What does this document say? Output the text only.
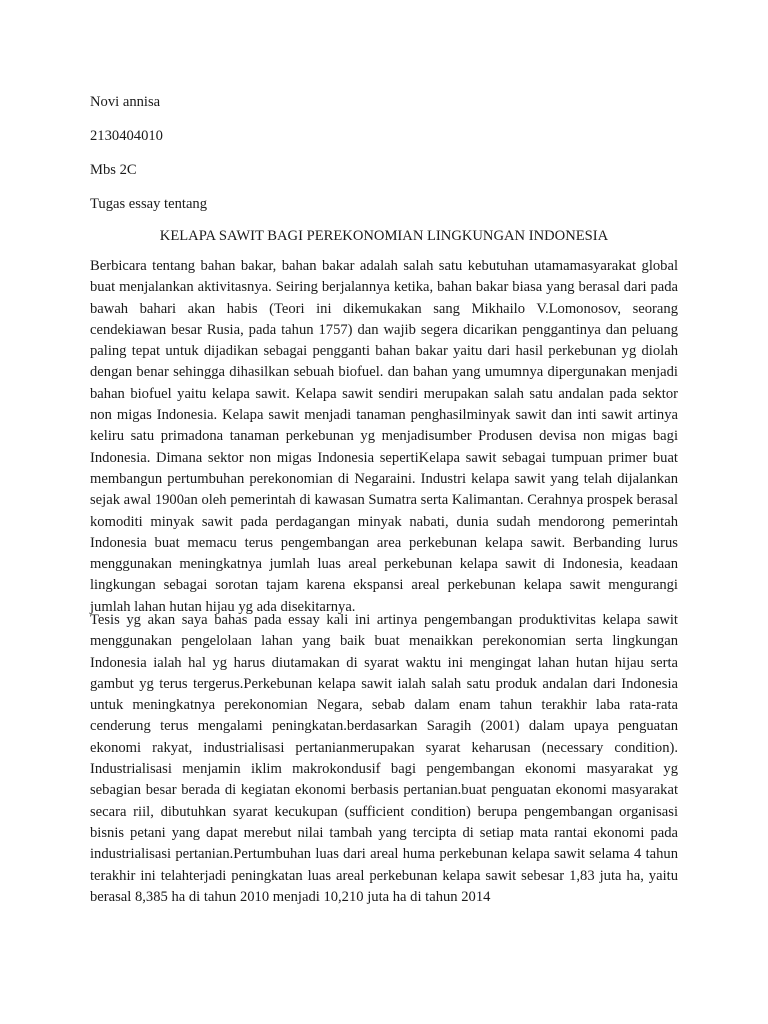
Novi annisa

2130404010

Mbs 2C

Tugas essay tentang

KELAPA SAWIT BAGI PEREKONOMIAN LINGKUNGAN INDONESIA

Berbicara tentang bahan bakar, bahan bakar adalah salah satu kebutuhan utamamasyarakat global buat menjalankan aktivitasnya. Seiring berjalannya ketika, bahan bakar biasa yang berasal dari pada bawah bahari akan habis (Teori ini dikemukakan sang Mikhailo V.Lomonosov, seorang cendekiawan besar Rusia, pada tahun 1757) dan wajib segera dicarikan penggantinya dan peluang paling tepat untuk dijadikan sebagai pengganti bahan bakar yaitu dari hasil perkebunan yg diolah dengan benar sehingga dihasilkan sebuah biofuel. dan bahan yang umumnya dipergunakan menjadi bahan biofuel yaitu kelapa sawit. Kelapa sawit sendiri merupakan salah satu andalan pada sektor non migas Indonesia. Kelapa sawit menjadi tanaman penghasilminyak sawit dan inti sawit artinya keliru satu primadona tanaman perkebunan yg menjadisumber Produsen devisa non migas bagi Indonesia. Dimana sektor non migas Indonesia sepertiKelapa sawit sebagai tumpuan primer buat membangun pertumbuhan perekonomian di Negaraini. Industri kelapa sawit yang telah dijalankan sejak awal 1900an oleh pemerintah di kawasan Sumatra serta Kalimantan. Cerahnya prospek berasal komoditi minyak sawit pada perdagangan minyak nabati, dunia sudah mendorong pemerintah Indonesia buat memacu terus pengembangan area perkebunan kelapa sawit. Berbanding lurus menggunakan meningkatnya jumlah luas areal perkebunan kelapa sawit di Indonesia, keadaan lingkungan sebagai sorotan tajam karena ekspansi areal perkebunan kelapa sawit mengurangi jumlah lahan hutan hijau yg ada disekitarnya.

Tesis yg akan saya bahas pada essay kali ini artinya pengembangan produktivitas kelapa sawit menggunakan pengelolaan lahan yang baik buat menaikkan perekonomian serta lingkungan Indonesia ialah hal yg harus diutamakan di syarat waktu ini mengingat lahan hutan hijau serta gambut yg terus tergerus.Perkebunan kelapa sawit ialah salah satu produk andalan dari Indonesia untuk meningkatnya perekonomian Negara, sebab dalam enam tahun terakhir laba rata-rata cenderung terus mengalami peningkatan.berdasarkan Saragih (2001) dalam upaya penguatan ekonomi rakyat, industrialisasi pertanianmerupakan syarat keharusan (necessary condition). Industrialisasi menjamin iklim makrokondusif bagi pengembangan ekonomi masyarakat yg sebagian besar berada di kegiatan ekonomi berbasis pertanian.buat penguatan ekonomi masyarakat secara riil, dibutuhkan syarat kecukupan (sufficient condition) berupa pengembangan organisasi bisnis petani yang dapat merebut nilai tambah yang tercipta di setiap mata rantai ekonomi pada industrialisasi pertanian.Pertumbuhan luas dari areal huma perkebunan kelapa sawit selama 4 tahun terakhir ini telahterjadi peningkatan luas areal perkebunan kelapa sawit sebesar 1,83 juta ha, yaitu berasal 8,385 ha di tahun 2010 menjadi 10,210 juta ha di tahun 2014
